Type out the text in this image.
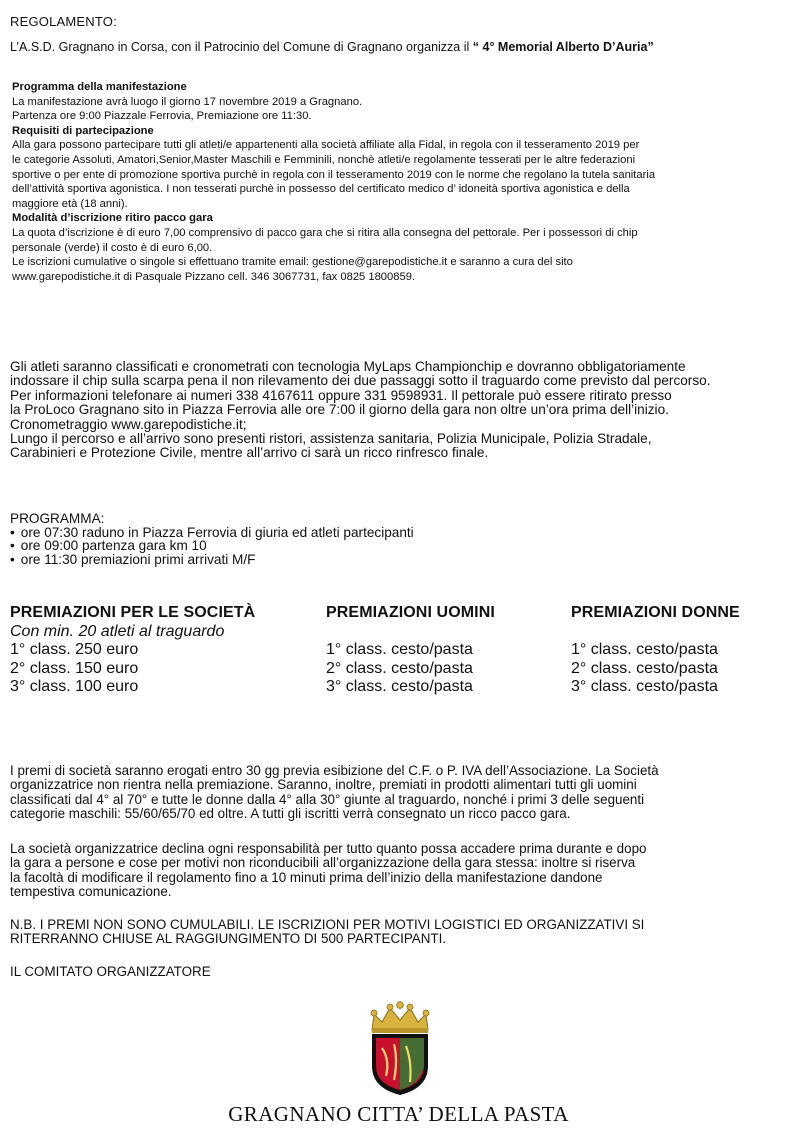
REGOLAMENTO:
L’A.S.D. Gragnano in Corsa, con il Patrocinio del Comune di Gragnano organizza il “ 4° Memorial Alberto D’Auria”

Programma della manifestazione

La manifestazione avrà luogo il giorno 17 novembre 2019 a Gragnano.

Partenza ore 9:00 Piazzale Ferrovia, Premiazione ore 11:30.

Requisiti di partecipazione

Alla gara possono partecipare tutti gli atleti/e appartenenti alla società affiliate alla Fidal, in regola con il tesseramento 2019 per

le categorie Assoluti, Amatori,Senior,Master Maschili e Femminili, nonchè atleti/e regolamente tesserati per le altre federazioni

sportive o per ente di promozione sportiva purchè in regola con il tesseramento 2019 con le norme che regolano la tutela sanitaria

dell’attività sportiva agonistica. I non tesserati purchè in possesso del certificato medico d’ idoneità sportiva agonistica e della

maggiore età (18 anni).

Modalità d’iscrizione ritiro pacco gara

La quota d’iscrizione è di euro 7,00 comprensivo di pacco gara che si ritira alla consegna del pettorale. Per i possessori di chip

personale (verde) il costo è di euro 6,00.

Le iscrizioni cumulative o singole si effettuano tramite email: gestione@garepodistiche.it e saranno a cura del sito

www.garepodistiche.it di Pasquale Pizzano cell. 346 3067731, fax 0825 1800859.

Gli atleti saranno classificati e cronometrati con tecnologia MyLaps Championchip e dovranno obbligatoriamente

indossare il chip sulla scarpa pena il non rilevamento dei due passaggi sotto il traguardo come previsto dal percorso.

Per informazioni telefonare ai numeri 338 4167611 oppure 331 9598931. Il pettorale può essere ritirato presso

la ProLoco Gragnano sito in Piazza Ferrovia alle ore 7:00 il giorno della gara non oltre un’ora prima dell’inizio.

Cronometraggio www.garepodistiche.it;

Lungo il percorso e all’arrivo sono presenti ristori, assistenza sanitaria, Polizia Municipale, Polizia Stradale,

Carabinieri e Protezione Civile, mentre all’arrivo ci sarà un ricco rinfresco finale.

PROGRAMMA:
• ore 07:30 raduno in Piazza Ferrovia di giuria ed atleti partecipanti
• ore 09:00 partenza gara km 10
• ore 11:30 premiazioni primi arrivati M/F
PREMIAZIONI PER LE SOCIETÀ
Con min. 20 atleti al traguardo
1° class. 250 euro
2° class. 150 euro
3° class. 100 euro
PREMIAZIONI UOMINI
1° class. cesto/pasta
2° class. cesto/pasta
3° class. cesto/pasta
PREMIAZIONI DONNE
1° class. cesto/pasta
2° class. cesto/pasta
3° class. cesto/pasta

I premi di società saranno erogati entro 30 gg previa esibizione del C.F. o P. IVA dell’Associazione. La Società

organizzatrice non rientra nella premiazione. Saranno, inoltre, premiati in prodotti alimentari tutti gli uomini

classificati dal 4° al 70° e tutte le donne dalla 4° alla 30° giunte al traguardo, nonché i primi 3 delle seguenti

categorie maschili: 55/60/65/70 ed oltre. A tutti gli iscritti verrà consegnato un ricco pacco gara.

La società organizzatrice declina ogni responsabilità per tutto quanto possa accadere prima durante e dopo

la gara a persone e cose per motivi non riconducibili all’organizzazione della gara stessa: inoltre si riserva

la facoltà di modificare il regolamento fino a 10 minuti prima dell’inizio della manifestazione dandone

tempestiva comunicazione.

N.B. I PREMI NON SONO CUMULABILI. LE ISCRIZIONI PER MOTIVI LOGISTICI ED ORGANIZZATIVI SI

RITERRANNO CHIUSE AL RAGGIUNGIMENTO DI 500 PARTECIPANTI.

IL COMITATO ORGANIZZATORE
GRAGNANO CITTA’ DELLA PASTA
